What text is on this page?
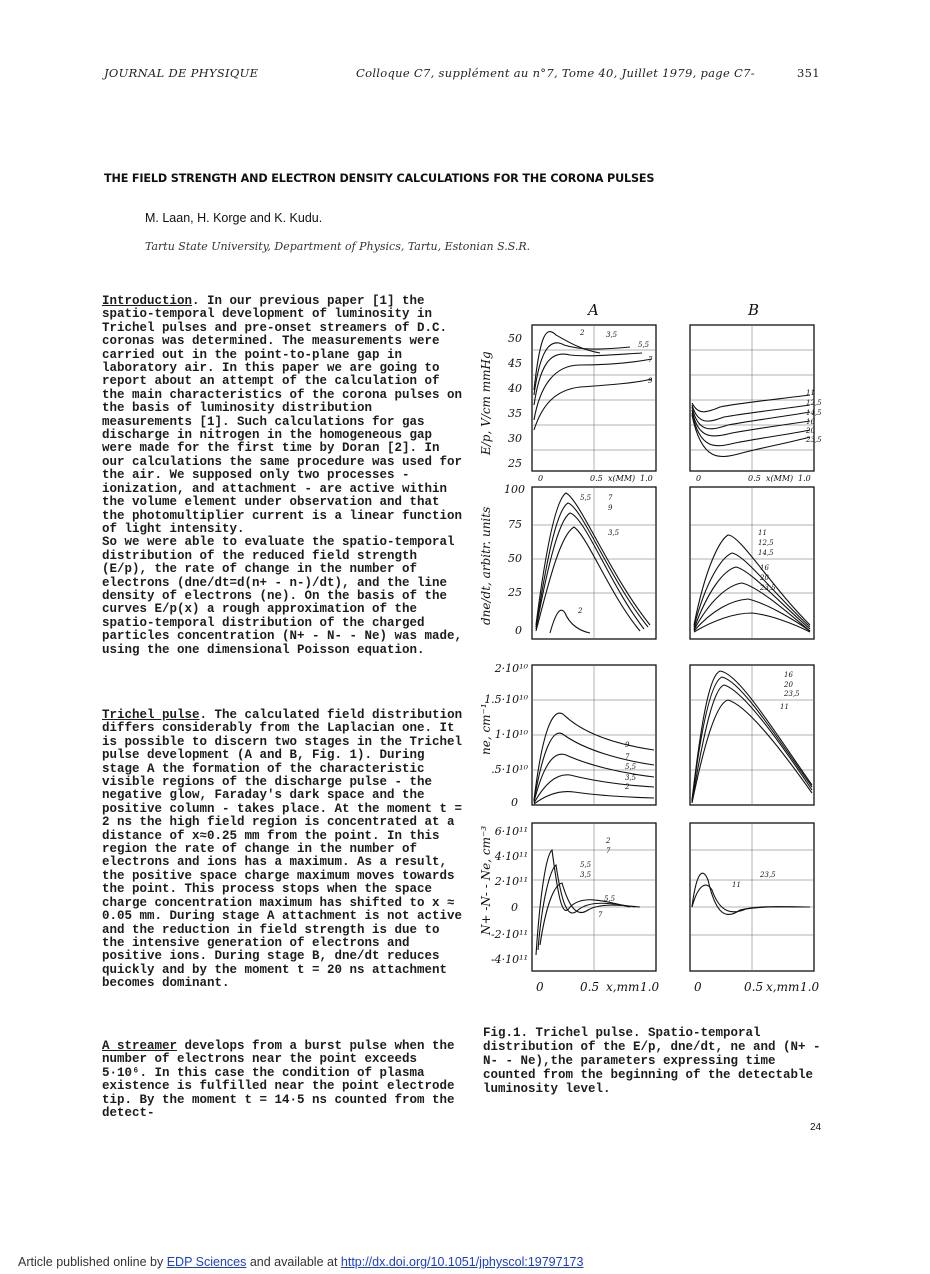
JOURNAL DE PHYSIQUE	Colloque C7, supplément au n°7, Tome 40, Juillet 1979, page C7-	351
THE FIELD STRENGTH AND ELECTRON DENSITY CALCULATIONS FOR THE CORONA PULSES
M. Laan, H. Korge and K. Kudu.
Tartu State University, Department of Physics, Tartu, Estonian S.S.R.

Introduction. In our previous paper [1] the spatio-temporal development of luminosity in Trichel pulses and pre-onset streamers of D.C. coronas was determined. The measurements were carried out in the point-to-plane gap in laboratory air. In this paper we are going to report about an attempt of the calculation of the main characteristics of the corona pulses on the basis of luminosity distribution measurements [1]. Such calculations for gas discharge in nitrogen in the homogeneous gap were made for the first time by Doran [2]. In our calculations the same procedure was used for the air. We supposed only two processes - ionization, and attachment - are active within the volume element under observation and that the photomultiplier current is a linear function of light intensity.

So we were able to evaluate the spatio-temporal distribution of the reduced field strength (E/p), the rate of change in the number of electrons (dne/dt=d(n+ - n-)/dt), and the line density of electrons (ne). On the basis of the curves E/p(x) a rough approximation of the spatio-temporal distribution of the charged particles concentration (N+ - N- - Ne) was made, using the one dimensional Poisson equation.

Trichel pulse. The calculated field distribution differs considerably from the Laplacian one. It is possible to discern two stages in the Trichel pulse development (A and B, Fig. 1). During stage A the formation of the characteristic visible regions of the discharge pulse - the negative glow, Faraday's dark space and the positive column - takes place. At the moment t = 2 ns the high field region is concentrated at a distance of x≈0.25 mm from the point. In this region the rate of change in the number of electrons and ions has a maximum. As a result, the positive space charge maximum moves towards the point. This process stops when the space charge concentration maximum has shifted to x ≈ 0.05 mm. During stage A attachment is not active and the reduction in field strength is due to the intensive generation of electrons and positive ions. During stage B, dne/dt reduces quickly and by the moment t = 20 ns attachment becomes dominant.

A streamer develops from a burst pulse when the number of electrons near the point exceeds 5·10⁶. In this case the condition of plasma existence is fulfilled near the point electrode tip. By the moment t = 14·5 ns counted from the detect-

A	B
50
45
40
35
30
25
100
75
50
25
0
2·10¹⁰
1.5·10¹⁰
1·10¹⁰
.5·10¹⁰
0
6·10¹¹
4·10¹¹
2·10¹¹
0
-2·10¹¹
-4·10¹¹
E/p, V/cm mmHg
dne/dt, arbitr. units
ne, cm⁻¹
N+ -N- - Ne, cm⁻³
0	0.5 x(MM) 1.0	0	0.5 x(MM) 1.0
0	0.5 x,mm 1.0	0	0.5 x,mm 1.0
2	3,5
5,5
7
9
11
12,5
14,5
16
20
23,5
5,5 7
9
3,5
2
11
12,5
14,5
16
20
23,5
9
7
5,5
3,5
2
16
20
23,5
11
2
7
5,5
3,5
5,5
7
11
23,5
Fig.1. Trichel pulse. Spatio-temporal distribution of the E/p, dne/dt, ne and (N+ - N- - Ne),the parameters expressing time counted from the beginning of the detectable luminosity level.
24
Article published online by EDP Sciences and available at http://dx.doi.org/10.1051/jphyscol:19797173
